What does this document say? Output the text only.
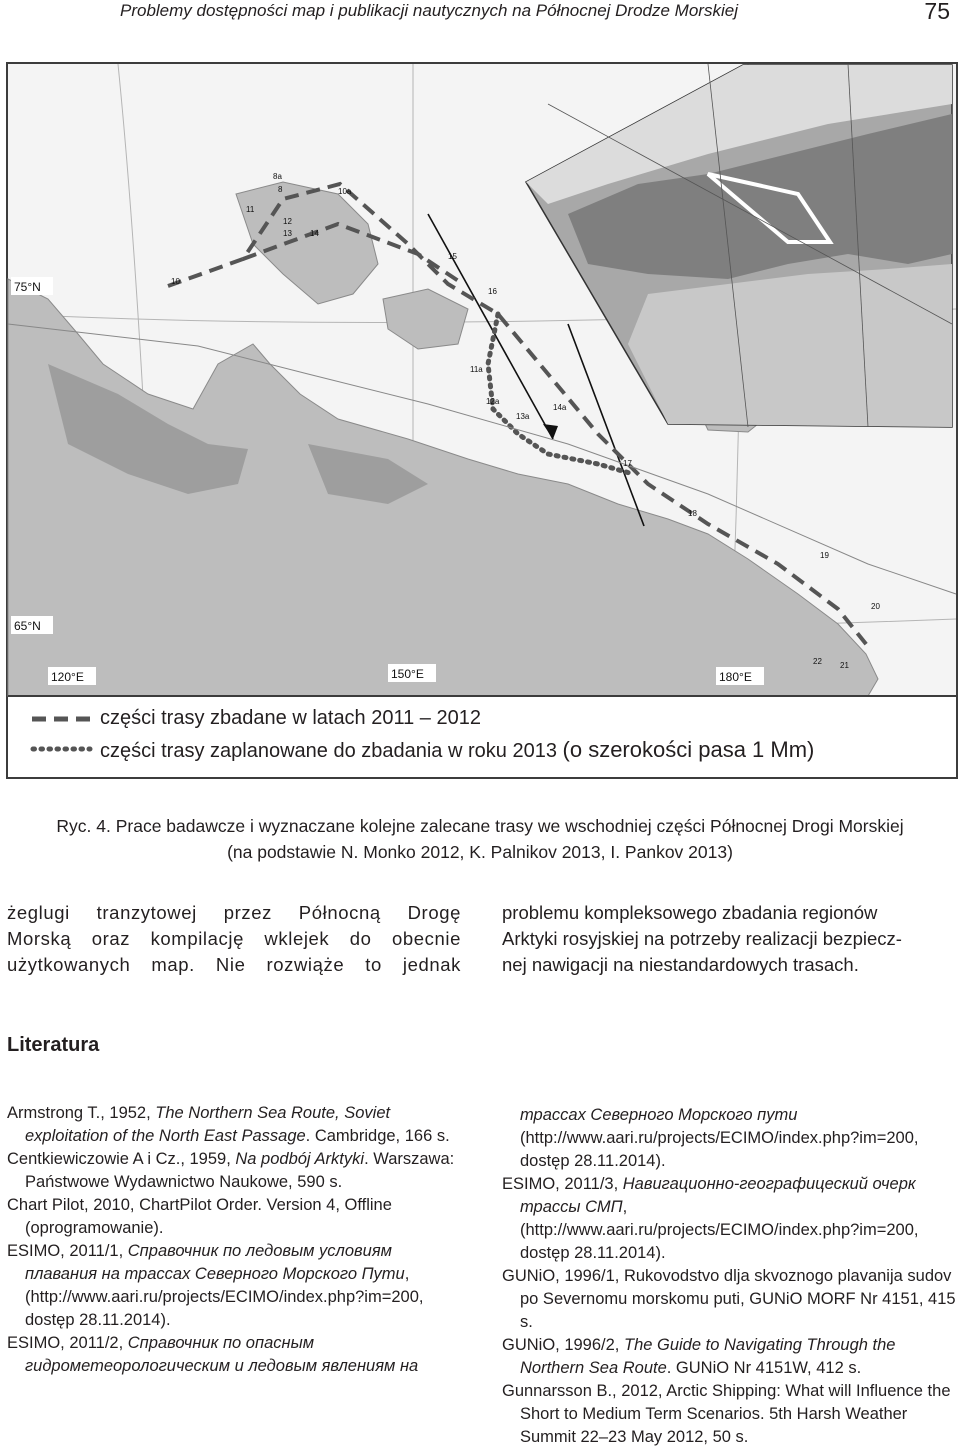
Problemy dostępności map i publikacji nautycznych na Północnej Drodze Morskiej	75
8a
8	10a
11
12
13 14
15
10
16
11a
12a
13a
14a
17
18
19
20
21
22
75°N
65°N
120°E	150°E	180°E
części trasy zbadane w latach 2011 – 2012
części trasy zaplanowane do zbadania w roku 2013 (o szerokości pasa 1 Mm)
Ryc. 4. Prace badawcze i wyznaczane kolejne zalecane trasy we wschodniej części Północnej Drogi Morskiej
(na podstawie N. Monko 2012, K. Palnikov 2013, I. Pankov 2013)
żeglugi tranzytowej przez Północną Drogę
Morską oraz kompilację wklejek do obecnie
użytkowanych map. Nie rozwiąże to jednak
problemu kompleksowego zbadania regionów
Arktyki rosyjskiej na potrzeby realizacji bezpiecz-
nej nawigacji na niestandardowych trasach.
Literatura
Armstrong T., 1952, The Northern Sea Route, Soviet exploitation of the North East Passage. Cambridge, 166 s.
Centkiewiczowie A i Cz., 1959, Na podbój Arktyki. Warszawa: Państwowe Wydawnictwo Naukowe, 590 s.
Chart Pilot, 2010, ChartPilot Order. Version 4, Offline (oprogramowanie).
ESIMO, 2011/1, Справочник по ледовым условиям плавания на трассах Северного Морского Пути, (http://www.aari.ru/projects/ECIMO/index.php?im=200, dostęp 28.11.2014).
ESIMO, 2011/2, Справочник по опасным гидрометеорологическим и ледовым явлениям на
трассах Северного Морского пути (http://www.aari.ru/projects/ECIMO/index.php?im=200, dostęp 28.11.2014).
ESIMO, 2011/3, Навигационно-географицеский очерк трассы СМП, (http://www.aari.ru/projects/ECIMO/index.php?im=200, dostęp 28.11.2014).
GUNiO, 1996/1, Rukovodstvo dlja skvoznogo plavanija sudov po Severnomu morskomu puti, GUNiO MORF Nr 4151, 415 s.
GUNiO, 1996/2, The Guide to Navigating Through the Northern Sea Route. GUNiO Nr 4151W, 412 s.
Gunnarsson B., 2012, Arctic Shipping: What will Influence the Short to Medium Term Scenarios. 5th Harsh Weather Summit 22–23 May 2012, 50 s.
